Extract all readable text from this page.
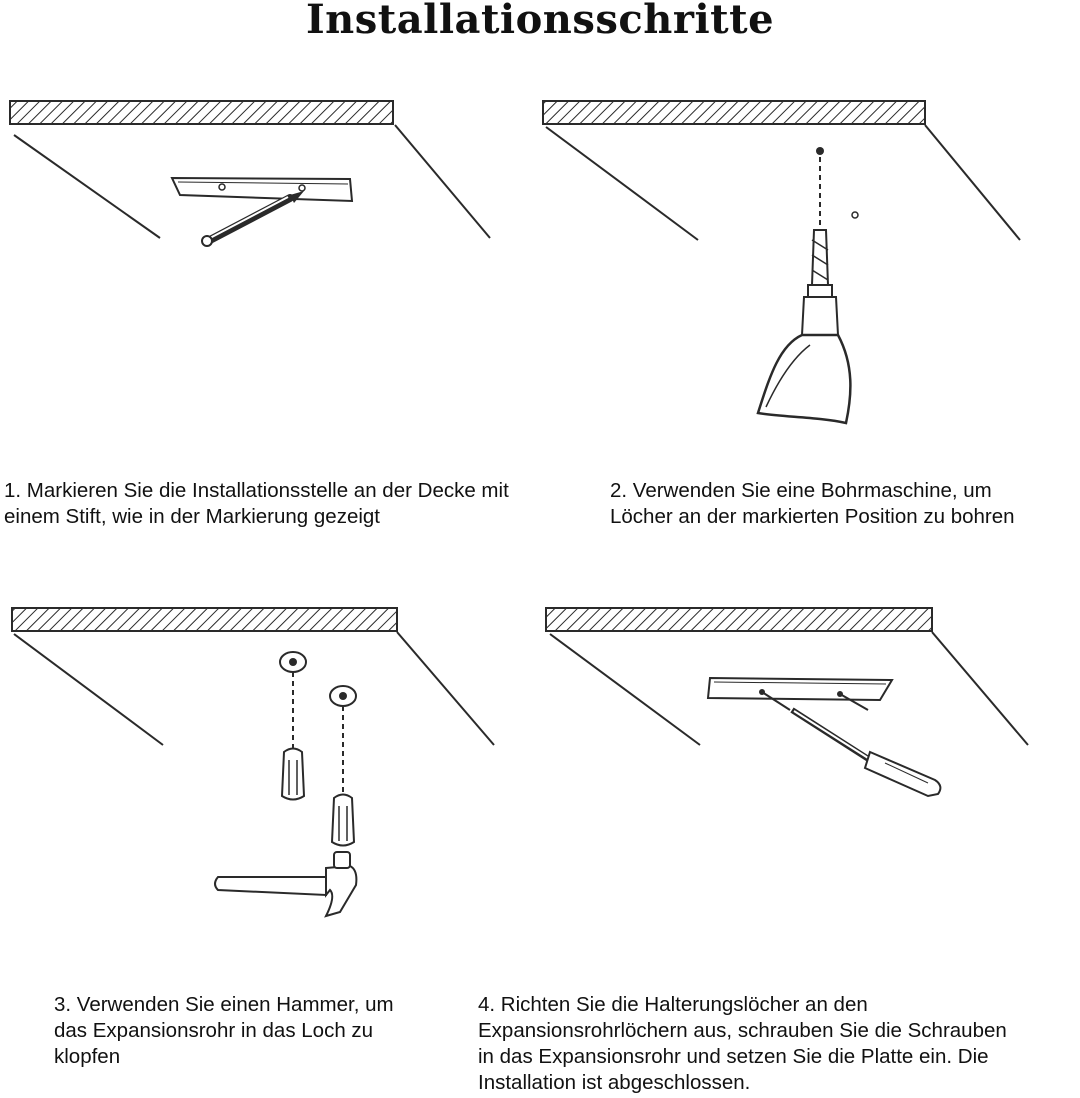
Installationsschritte
1. Markieren Sie die Installationsstelle an der Decke mit
einem Stift, wie in der Markierung gezeigt
2. Verwenden Sie eine Bohrmaschine, um
Löcher an der markierten Position zu bohren
3. Verwenden Sie einen Hammer, um
das Expansionsrohr in das Loch zu
klopfen
4. Richten Sie die Halterungslöcher an den
Expansionsrohrlöchern aus, schrauben Sie die Schrauben
in das Expansionsrohr und setzen Sie die Platte ein. Die
Installation ist abgeschlossen.
